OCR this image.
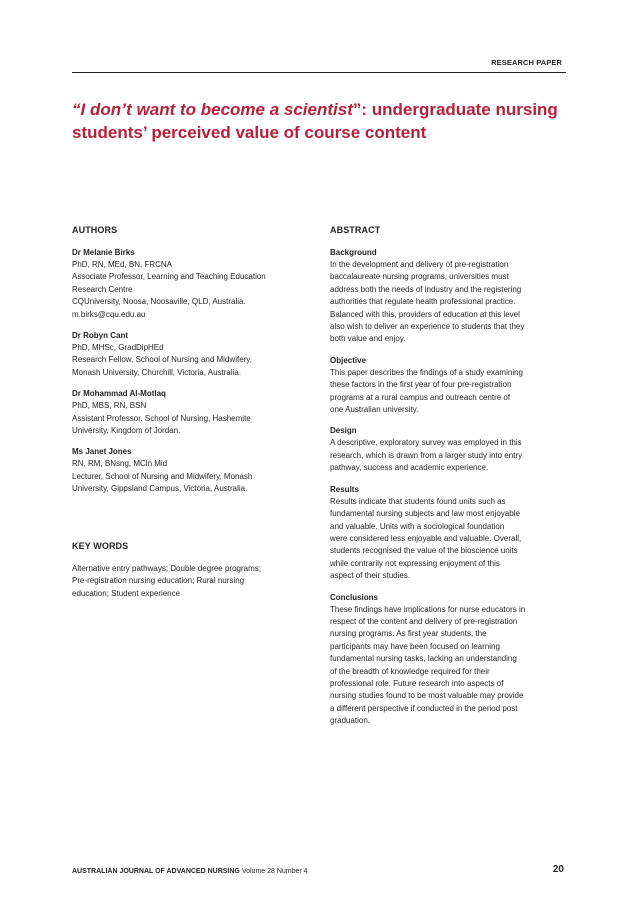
RESEARCH PAPER
“I don’t want to become a scientist”: undergraduate nursing students’ perceived value of course content
AUTHORS
Dr Melanie Birks
PhD, RN, MEd, BN, FRCNA
Associate Professor, Learning and Teaching Education
Research Centre
CQUniversity, Noosa, Noosaville, QLD, Australia.
m.birks@cqu.edu.au
Dr Robyn Cant
PhD, MHSc, GradDipHEd
Research Fellow, School of Nursing and Midwifery,
Monash University, Churchill, Victoria, Australia.
Dr Mohammad Al-Motlaq
PhD, MBS, RN, BSN
Assistant Professor, School of Nursing, Hashemite
University, Kingdom of Jordan.
Ms Janet Jones
RN, RM, BNsng, MCln Mid
Lecturer, School of Nursing and Midwifery, Monash
University, Gippsland Campus, Victoria, Australia.
KEY WORDS
Alternative entry pathways; Double degree programs;
Pre-registration nursing education; Rural nursing
education; Student experience
ABSTRACT
Background
In the development and delivery of pre-registration
baccalaureate nursing programs, universities must
address both the needs of industry and the registering
authorities that regulate health professional practice.
Balanced with this, providers of education at this level
also wish to deliver an experience to students that they
both value and enjoy.
Objective
This paper describes the findings of a study examining
these factors in the first year of four pre-registration
programs at a rural campus and outreach centre of
one Australian university.
Design
A descriptive, exploratory survey was employed in this
research, which is drawn from a larger study into entry
pathway, success and academic experience.
Results
Results indicate that students found units such as
fundamental nursing subjects and law most enjoyable
and valuable. Units with a sociological foundation
were considered less enjoyable and valuable. Overall,
students recognised the value of the bioscience units
while contrarily not expressing enjoyment of this
aspect of their studies.
Conclusions
These findings have implications for nurse educators in
respect of the content and delivery of pre-registration
nursing programs. As first year students, the
participants may have been focused on learning
fundamental nursing tasks, lacking an understanding
of the breadth of knowledge required for their
professional role. Future research into aspects of
nursing studies found to be most valuable may provide
a different perspective if conducted in the period post
graduation.
AUSTRALIAN JOURNAL OF ADVANCED NURSING Volume 28 Number 4	20
